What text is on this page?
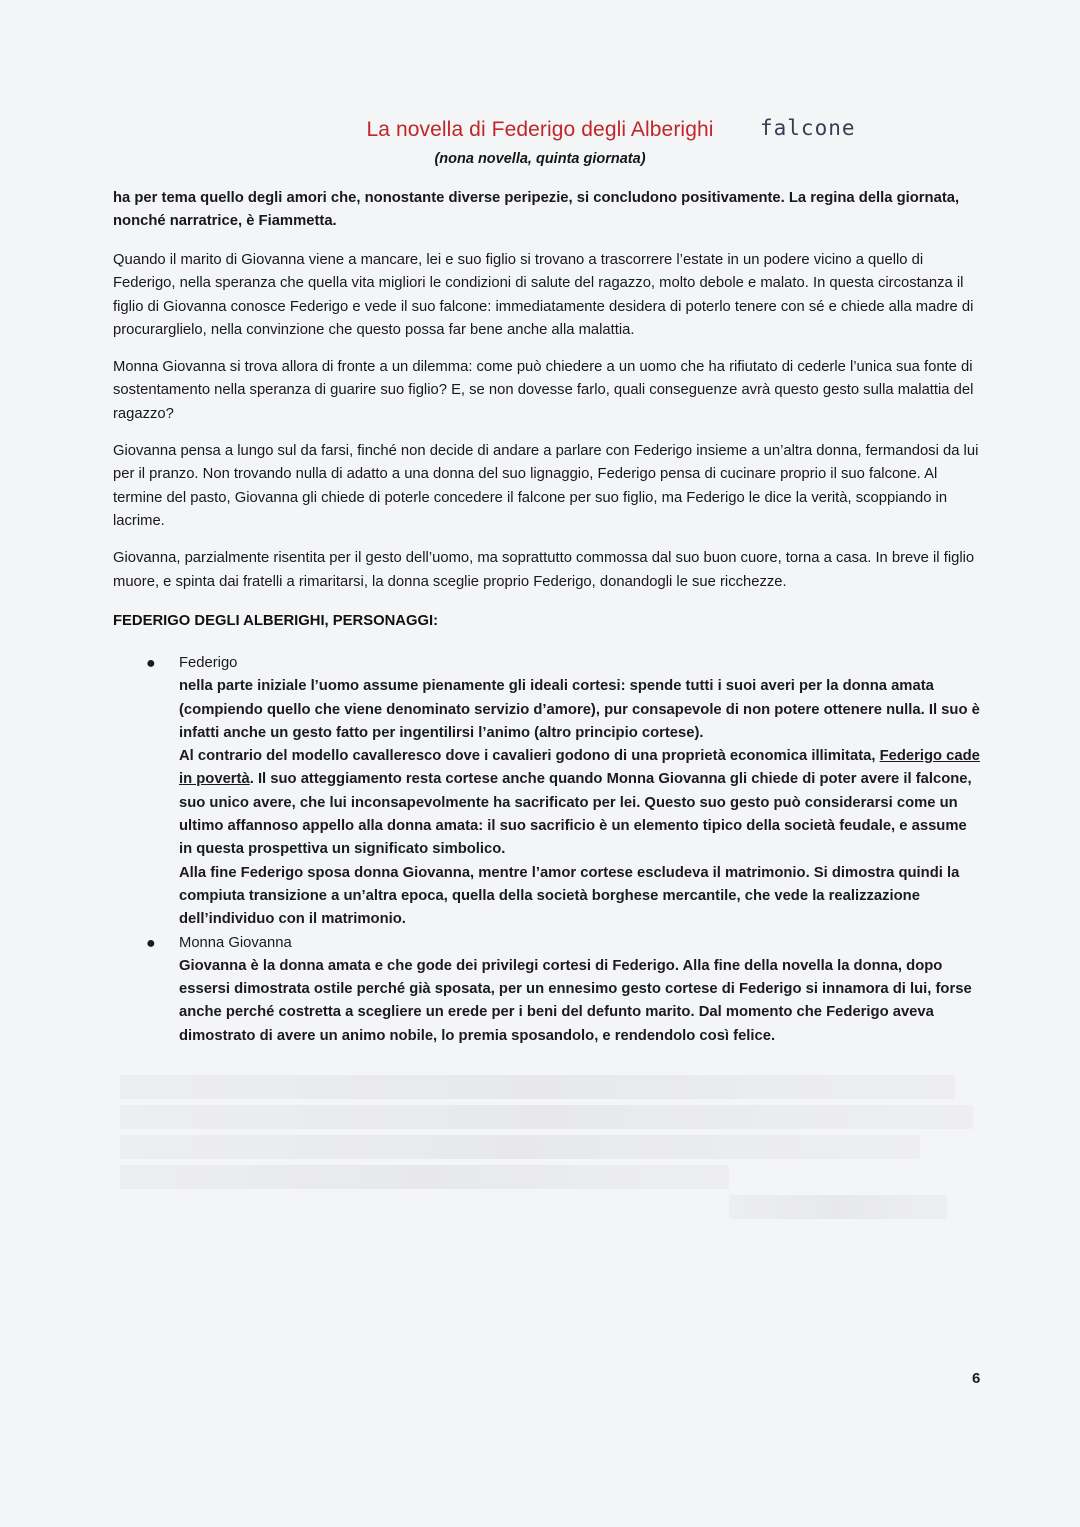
La novella di Federigo degli Alberighi	falcone
(nona novella, quinta giornata)

ha per tema quello degli amori che, nonostante diverse peripezie, si concludono positivamente. La regina della giornata, nonché narratrice, è Fiammetta.

Quando il marito di Giovanna viene a mancare, lei e suo figlio si trovano a trascorrere l’estate in un podere vicino a quello di Federigo, nella speranza che quella vita migliori le condizioni di salute del ragazzo, molto debole e malato. In questa circostanza il figlio di Giovanna conosce Federigo e vede il suo falcone: immediatamente desidera di poterlo tenere con sé e chiede alla madre di procurarglielo, nella convinzione che questo possa far bene anche alla malattia.

Monna Giovanna si trova allora di fronte a un dilemma: come può chiedere a un uomo che ha rifiutato di cederle l’unica sua fonte di sostentamento nella speranza di guarire suo figlio? E, se non dovesse farlo, quali conseguenze avrà questo gesto sulla malattia del ragazzo?

Giovanna pensa a lungo sul da farsi, finché non decide di andare a parlare con Federigo insieme a un’altra donna, fermandosi da lui per il pranzo. Non trovando nulla di adatto a una donna del suo lignaggio, Federigo pensa di cucinare proprio il suo falcone. Al termine del pasto, Giovanna gli chiede di poterle concedere il falcone per suo figlio, ma Federigo le dice la verità, scoppiando in lacrime.

Giovanna, parzialmente risentita per il gesto dell’uomo, ma soprattutto commossa dal suo buon cuore, torna a casa. In breve il figlio muore, e spinta dai fratelli a rimaritarsi, la donna sceglie proprio Federigo, donandogli le sue ricchezze.

FEDERIGO DEGLI ALBERIGHI, PERSONAGGI:
● Federigo
nella parte iniziale l’uomo assume pienamente gli ideali cortesi: spende tutti i suoi averi per la donna amata (compiendo quello che viene denominato servizio d’amore), pur consapevole di non potere ottenere nulla. Il suo è infatti anche un gesto fatto per ingentilirsi l’animo (altro principio cortese).
Al contrario del modello cavalleresco dove i cavalieri godono di una proprietà economica illimitata, Federigo cade in povertà. Il suo atteggiamento resta cortese anche quando Monna Giovanna gli chiede di poter avere il falcone, suo unico avere, che lui inconsapevolmente ha sacrificato per lei. Questo suo gesto può considerarsi come un ultimo affannoso appello alla donna amata: il suo sacrificio è un elemento tipico della società feudale, e assume in questa prospettiva un significato simbolico.
Alla fine Federigo sposa donna Giovanna, mentre l’amor cortese escludeva il matrimonio. Si dimostra quindi la compiuta transizione a un’altra epoca, quella della società borghese mercantile, che vede la realizzazione dell’individuo con il matrimonio.
● Monna Giovanna
Giovanna è la donna amata e che gode dei privilegi cortesi di Federigo. Alla fine della novella la donna, dopo essersi dimostrata ostile perché già sposata, per un ennesimo gesto cortese di Federigo si innamora di lui, forse anche perché costretta a scegliere un erede per i beni del defunto marito. Dal momento che Federigo aveva dimostrato di avere un animo nobile, lo premia sposandolo, e rendendolo così felice.
6
